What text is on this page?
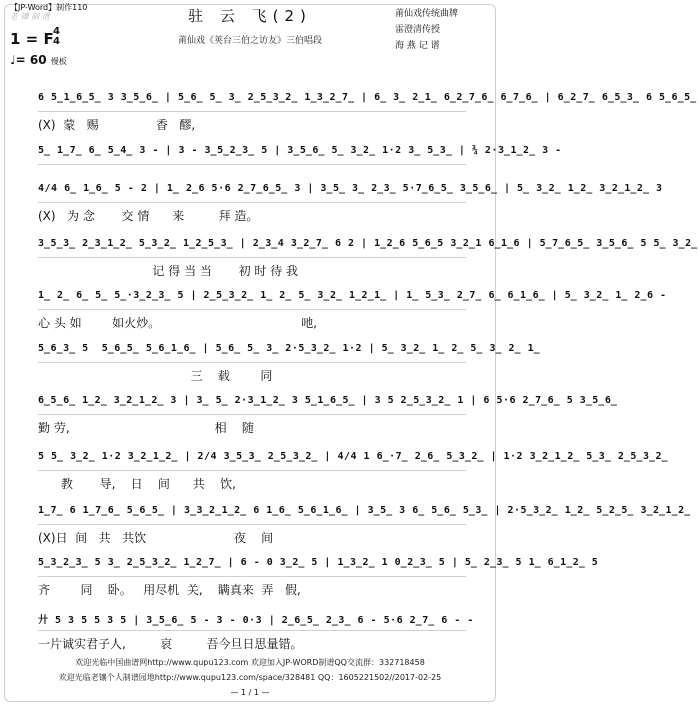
【JP-Word】制作110
老 镶 制 谱
1 = F 4
4
♩= 60 慢板
驻 云 飞(2)
莆仙戏《荚台三伯之访友》三伯唱段
莆仙戏传统曲牌
雷澄清传授
海 燕 记 谱
6 5̲1̲6̲5̲ 3 3̲5̲6̲ | 5̲6̲ 5̲ 3̲ 2̲5̲3̲2̲ 1̲3̲2̲7̲ | 6̲ 3̲ 2̲1̲ 6̲2̲7̲6̲ 6̲7̲6̲ | 6̲2̲7̲ 6̲5̲3̲ 6 5̲6̲5̲
(X)  蒙   赐               香   醪,
5̲ 1̲7̲ 6̲ 5̲4̲ 3 - | 3 - 3̲5̲2̲3̲ 5 | 3̲5̲6̲ 5̲ 3̲2̲ 1·2 3̲ 5̲3̲ | ¾ 2·3̲1̲2̲ 3 -
4/4 6̲ 1̲6̲ 5 - 2 | 1̲ 2̲6 5·6 2̲7̲6̲5̲ 3 | 3̲5̲ 3̲ 2̲3̲ 5·7̲6̲5̲ 3̲5̲6̲ | 5̲ 3̲2̲ 1̲2̲ 3̲2̲1̲2̲ 3
(X)   为 念       交 情      来         拜 造。
3̲5̲3̲ 2̲3̲1̲2̲ 5̲3̲2̲ 1̲2̲5̲3̲ | 2̲3̲4 3̲2̲7̲ 6 2 | 1̲2̲6 5̲6̲5 3̲2̲1 6̲1̲6 | 5̲7̲6̲5̲ 3̲5̲6̲ 5 5̲ 3̲2̲
记 得 当 当       初 时 待 我
1̲ 2̲ 6̲ 5̲ 5̲·3̲2̲3̲ 5 | 2̲5̲3̲2̲ 1̲ 2̲ 5̲ 3̲2̲ 1̲2̲1̲ | 1̲ 5̲3̲ 2̲7̲ 6̲ 6̲1̲6̲ | 5̲ 3̲2̲ 1̲ 2̲6 -
心 头 如        如火炒。                                     吔,
5̲6̲3̲ 5  5̲6̲5̲ 5̲6̲1̲6̲ | 5̲6̲ 5̲ 3̲ 2·5̲3̲2̲ 1·2 | 5̲ 3̲2̲ 1̲ 2̲ 5̲ 3̲ 2̲ 1̲
三    载        同
6̲5̲6̲ 1̲2̲ 3̲2̲1̲2̲ 3 | 3̲ 5̲ 2·3̲1̲2̲ 3 5̲1̲6̲5̲ | 3 5 2̲5̲3̲2̲ 1 | 6 5·6 2̲7̲6̲ 5 3̲5̲6̲
勤 劳,                                      相    随
5 5̲ 3̲2̲ 1·2 3̲2̲1̲2̲ | 2/4 3̲5̲3̲ 2̲5̲3̲2̲ | 4/4 1 6̲·7̲ 2̲6̲ 5̲3̲2̲ | 1·2 3̲2̲1̲2̲ 5̲3̲ 2̲5̲3̲2̲
教       导,    日    间      共    饮,
1̲7̲ 6 1̲7̲6̲ 5̲6̲5̲ | 3̲3̲2̲1̲2̲ 6 1̲6̲ 5̲6̲1̲6̲ | 3̲5̲ 3 6̲ 5̲6̲ 5̲3̲ | 2·5̲3̲2̲ 1̲2̲ 5̲2̲5̲ 3̲2̲1̲2̲
(X)日  间   共   共饮                       夜    间
5̲3̲2̲3̲ 5 3̲ 2̲5̲3̲2̲ 1̲2̲7̲ | 6 - 0 3̲2̲ 5 | 1̲3̲2̲ 1 0̲2̲3̲ 5 | 5̲ 2̲3̲ 5 1̲ 6̲1̲2̲ 5
齐        同    卧。   用尽机  关,    瞒真来  弄   假,
廾 5 3 5 5 3 5 | 3̲5̲6̲ 5 - 3 - 0·3 | 2̲6̲5̲ 2̲3̲ 6 - 5·6 2̲7̲ 6 - -
一片诚实君子人,         哀         吾今旦日思量错。
欢迎光临中国曲谱网http://www.qupu123.com 欢迎加入JP-WORD制谱QQ交流群：332718458
欢迎光临老镶个人制谱园地http://www.qupu123.com/space/328481 QQ：1605221502//2017-02-25
— 1 / 1 —
